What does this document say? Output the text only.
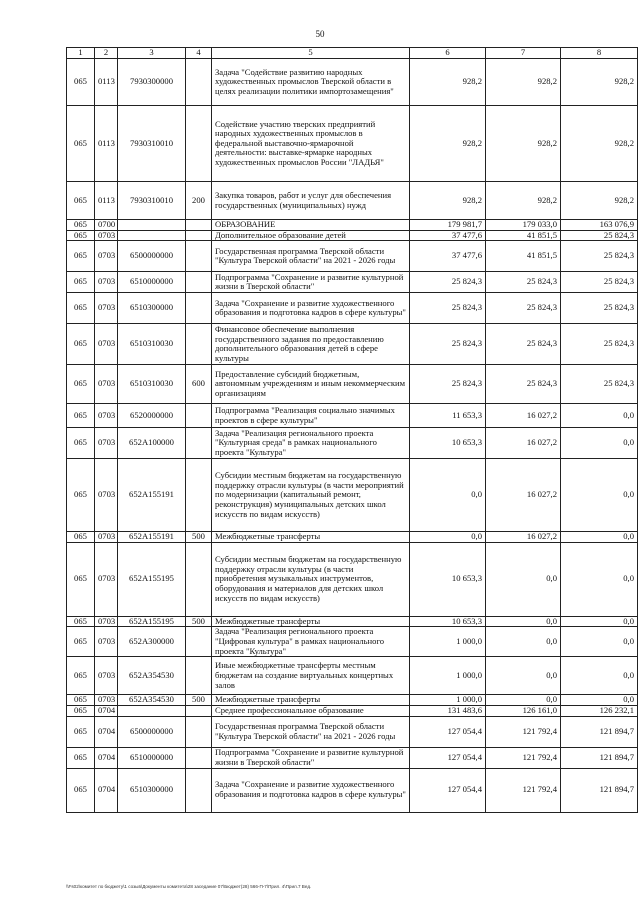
50
1	2	3	4	5	6	7	8
065	0113	7930300000		Задача "Содействие развитию народных художественных промыслов Тверской области в целях реализации политики импортозамещения"	928,2	928,2	928,2
065	0113	7930310010		Содействие участию тверских предприятий народных художественных промыслов в федеральной выставочно-ярмарочной деятельности: выставке-ярмарке народных художественных промыслов России "ЛАДЬЯ"	928,2	928,2	928,2
065	0113	7930310010	200	Закупка товаров, работ и услуг для обеспечения государственных (муниципальных) нужд	928,2	928,2	928,2
065	0700			ОБРАЗОВАНИЕ	179 981,7	179 033,0	163 076,9
065	0703			Дополнительное образование детей	37 477,6	41 851,5	25 824,3
065	0703	6500000000		Государственная программа Тверской области "Культура Тверской области" на 2021 - 2026 годы	37 477,6	41 851,5	25 824,3
065	0703	6510000000		Подпрограмма "Сохранение и развитие культурной жизни в Тверской области"	25 824,3	25 824,3	25 824,3
065	0703	6510300000		Задача "Сохранение и развитие художественного образования и подготовка кадров в сфере культуры"	25 824,3	25 824,3	25 824,3
065	0703	6510310030		Финансовое обеспечение выполнения государственного задания по предоставлению дополнительного образования детей в сфере культуры	25 824,3	25 824,3	25 824,3
065	0703	6510310030	600	Предоставление субсидий бюджетным, автономным учреждениям и иным некоммерческим организациям	25 824,3	25 824,3	25 824,3
065	0703	6520000000		Подпрограмма "Реализация социально значимых проектов в сфере культуры"	11 653,3	16 027,2	0,0
065	0703	652A100000		Задача "Реализация регионального проекта "Культурная среда" в рамках национального проекта "Культура"	10 653,3	16 027,2	0,0
065	0703	652A155191		Субсидии местным бюджетам на государственную поддержку отрасли культуры (в части мероприятий по модернизации (капитальный ремонт, реконструкция) муниципальных детских школ искусств по видам искусств)	0,0	16 027,2	0,0
065	0703	652A155191	500	Межбюджетные трансферты	0,0	16 027,2	0,0
065	0703	652A155195		Субсидии местным бюджетам на государственную поддержку отрасли культуры (в части приобретения музыкальных инструментов, оборудования и материалов для детских школ искусств по видам искусств)	10 653,3	0,0	0,0
065	0703	652A155195	500	Межбюджетные трансферты	10 653,3	0,0	0,0
065	0703	652A300000		Задача "Реализация регионального проекта "Цифровая культура" в рамках национального проекта "Культура"	1 000,0	0,0	0,0
065	0703	652A354530		Иные межбюджетные трансферты местным бюджетам на создание виртуальных концертных залов	1 000,0	0,0	0,0
065	0703	652A354530	500	Межбюджетные трансферты	1 000,0	0,0	0,0
065	0704			Среднее профессиональное образование	131 483,6	126 161,0	126 232,1
065	0704	6500000000		Государственная программа Тверской области "Культура Тверской области" на 2021 - 2026 годы	127 054,4	121 792,4	121 894,7
065	0704	6510000000		Подпрограмма "Сохранение и развитие культурной жизни в Тверской области"	127 054,4	121 792,4	121 894,7
065	0704	6510300000		Задача "Сохранение и развитие художественного образования и подготовка кадров в сфере культуры"	127 054,4	121 792,4	121 894,7
\\Fs02\комитет по бюджету\1 созыв\Документы комитета\28 заседание 07\Бюджет(28) 566-П-7\Прил. 4\Прил.7 Вед.
